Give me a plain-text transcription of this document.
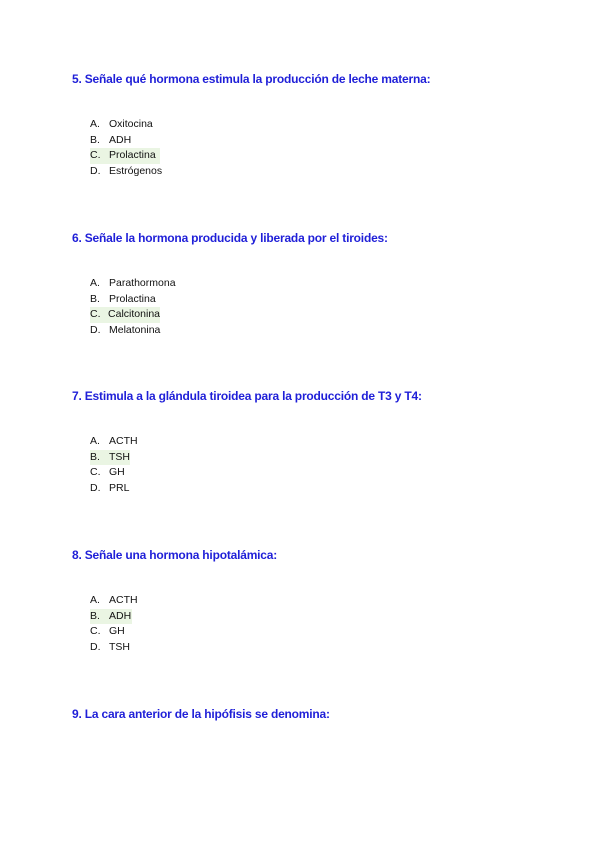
5. Señale qué hormona estimula la producción de leche materna:

A. Oxitocina
B. ADH
C. Prolactina
D. Estrógenos

6. Señale la hormona producida y liberada por el tiroides:

A. Parathormona
B. Prolactina
C. Calcitonina
D. Melatonina

7. Estimula a la glándula tiroidea para la producción de T3 y T4:

A. ACTH
B. TSH
C. GH
D. PRL

8. Señale una hormona hipotalámica:

A. ACTH
B. ADH
C. GH
D. TSH

9. La cara anterior de la hipófisis se denomina:
